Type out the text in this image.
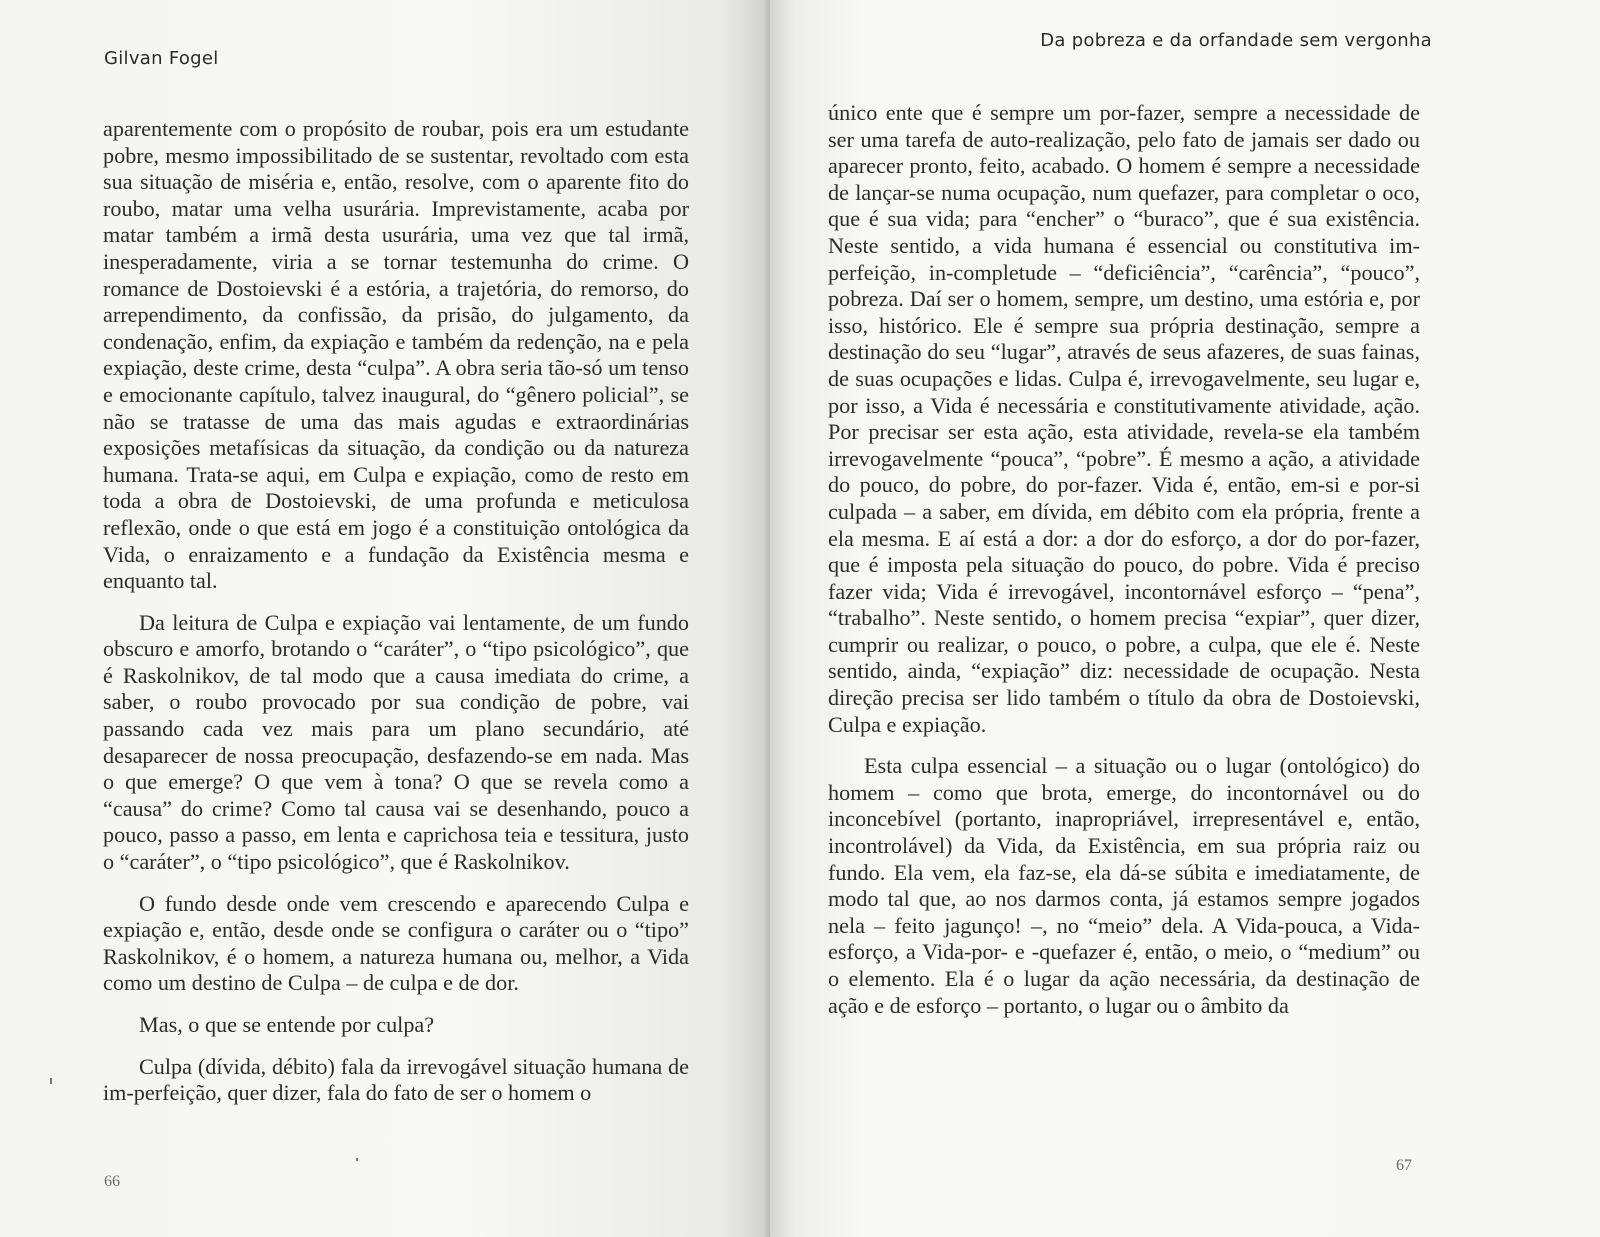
Gilvan Fogel

aparentemente com o propósito de roubar, pois era um estudante pobre, mesmo impossibilitado de se sustentar, revoltado com esta sua situação de miséria e, então, resolve, com o aparente fito do roubo, matar uma velha usurária. Imprevistamente, acaba por matar também a irmã desta usurária, uma vez que tal irmã, inesperadamente, viria a se tornar testemunha do crime. O romance de Dostoievski é a estória, a trajetória, do remorso, do arrependimento, da confissão, da prisão, do julgamento, da condenação, enfim, da expiação e também da redenção, na e pela expiação, deste crime, desta “culpa”. A obra seria tão-só um tenso e emocionante capítulo, talvez inaugural, do “gênero policial”, se não se tratasse de uma das mais agudas e extraordinárias exposições metafísicas da situação, da condição ou da natureza humana. Trata-se aqui, em Culpa e expiação, como de resto em toda a obra de Dostoievski, de uma profunda e meticulosa reflexão, onde o que está em jogo é a constituição ontológica da Vida, o enraizamento e a fundação da Existência mesma e enquanto tal.

Da leitura de Culpa e expiação vai lentamente, de um fundo obscuro e amorfo, brotando o “caráter”, o “tipo psicológico”, que é Raskolnikov, de tal modo que a causa imediata do crime, a saber, o roubo provocado por sua condição de pobre, vai passando cada vez mais para um plano secundário, até desaparecer de nossa preocupação, desfazendo-se em nada. Mas o que emerge? O que vem à tona? O que se revela como a “causa” do crime? Como tal causa vai se desenhando, pouco a pouco, passo a passo, em lenta e caprichosa teia e tessitura, justo o “caráter”, o “tipo psicológico”, que é Raskolnikov.

O fundo desde onde vem crescendo e aparecendo Culpa e expiação e, então, desde onde se configura o caráter ou o “tipo” Raskolnikov, é o homem, a natureza humana ou, melhor, a Vida como um destino de Culpa – de culpa e de dor.

Mas, o que se entende por culpa?

Culpa (dívida, débito) fala da irrevogável situação humana de im-perfeição, quer dizer, fala do fato de ser o homem o

66
Da pobreza e da orfandade sem vergonha

único ente que é sempre um por-fazer, sempre a necessidade de ser uma tarefa de auto-realização, pelo fato de jamais ser dado ou aparecer pronto, feito, acabado. O homem é sempre a necessidade de lançar-se numa ocupação, num quefazer, para completar o oco, que é sua vida; para “encher” o “buraco”, que é sua existência. Neste sentido, a vida humana é essencial ou constitutiva im-perfeição, in-completude – “deficiência”, “carência”, “pouco”, pobreza. Daí ser o homem, sempre, um destino, uma estória e, por isso, histórico. Ele é sempre sua própria destinação, sempre a destinação do seu “lugar”, através de seus afazeres, de suas fainas, de suas ocupações e lidas. Culpa é, irrevogavelmente, seu lugar e, por isso, a Vida é necessária e constitutivamente atividade, ação. Por precisar ser esta ação, esta atividade, revela-se ela também irrevogavelmente “pouca”, “pobre”. É mesmo a ação, a atividade do pouco, do pobre, do por-fazer. Vida é, então, em-si e por-si culpada – a saber, em dívida, em débito com ela própria, frente a ela mesma. E aí está a dor: a dor do esforço, a dor do por-fazer, que é imposta pela situação do pouco, do pobre. Vida é preciso fazer vida; Vida é irrevogável, incontornável esforço – “pena”, “trabalho”. Neste sentido, o homem precisa “expiar”, quer dizer, cumprir ou realizar, o pouco, o pobre, a culpa, que ele é. Neste sentido, ainda, “expiação” diz: necessidade de ocupação. Nesta direção precisa ser lido também o título da obra de Dostoievski, Culpa e expiação.

Esta culpa essencial – a situação ou o lugar (ontológico) do homem – como que brota, emerge, do incontornável ou do inconcebível (portanto, inapropriável, irrepresentável e, então, incontrolável) da Vida, da Existência, em sua própria raiz ou fundo. Ela vem, ela faz-se, ela dá-se súbita e imediatamente, de modo tal que, ao nos darmos conta, já estamos sempre jogados nela – feito jagunço! –, no “meio” dela. A Vida-pouca, a Vida-esforço, a Vida-por- e -quefazer é, então, o meio, o “medium” ou o elemento. Ela é o lugar da ação necessária, da destinação de ação e de esforço – portanto, o lugar ou o âmbito da

67
